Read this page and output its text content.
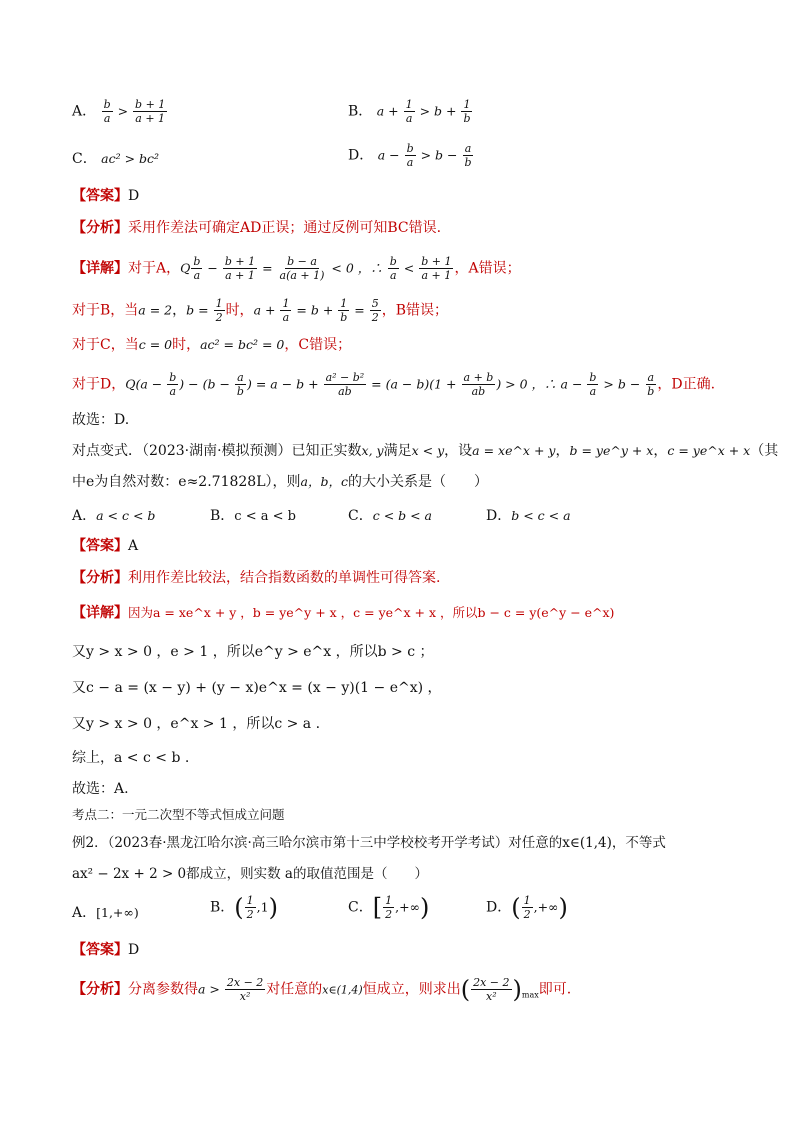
A． $\frac{b}{a} > \frac{b + 1}{a + 1}$	B． $a + \frac{1}{a} > b + \frac{1}{b}$
C． ac² > bc²	D． $a - \frac{b}{a} > b - \frac{a}{b}$
【答案】D
【分析】采用作差法可确定AD正误；通过反例可知BC错误.
【详解】对于A，Q $\frac{b}{a} - \frac{b + 1}{a + 1} = \frac{b - a}{a(a + 1)} < 0$ ，∴ $\frac{b}{a} < \frac{b + 1}{a + 1}$ ，A错误；
对于B，当a = 2，$b = \frac{1}{2}$ 时，$a + \frac{1}{a} = b + \frac{1}{b} = \frac{5}{2}$ ，B错误；
对于C，当c = 0时，ac² = bc² = 0，C错误；
对于D，$Q(a - \frac{b}{a}$ ) − ($b - \frac{a}{b}$ ) = $a - b + \frac{\text{a² − b²}}{ab} = (a - b)(1 + \frac{a + b}{ab}$ ) > 0 ，∴ $a - \frac{b}{a} > b - \frac{a}{b}$ ，D正确.
故选：D.
对点变式．（2023·湖南·模拟预测）已知正实数x, y满足x < y，设a = xe^x + y，b = ye^y + x，c = ye^x + x（其
中e为自然对数：e≈2.71828L），则a，b，c的大小关系是（　　）
A．a < c < b	B．c < a < b	C．c < b < a	D．b < c < a
【答案】A
【分析】利用作差比较法，结合指数函数的单调性可得答案.
【详解】因为a = xe^x + y ，b = ye^y + x ，c = ye^x + x ，所以b − c = y(e^y − e^x)
又y > x > 0 ，e > 1 ，所以e^y > e^x ，所以b > c ；
又c − a = (x − y) + (y − x)e^x = (x − y)(1 − e^x) ，
又y > x > 0 ，e^x > 1 ，所以c > a .
综上，a < c < b .
故选：A.
考点二：一元二次型不等式恒成立问题
例2．（2023春·黑龙江哈尔滨·高三哈尔滨市第十三中学校校考开学考试）对任意的x∈(1,4)，不等式
ax² − 2x + 2 > 0都成立，则实数 a的取值范围是（　　）
A．[1,+∞)	B．( $\frac{1}{2} ,1$)	C．[ $\frac{1}{2}$ ,+∞)	D．( $\frac{1}{2}$ ,+∞)
【答案】D
【分析】分离参数得$a > \frac{2x - 2}{\text{x²}}$ 对任意的x∈(1,4)恒成立，则求出( $\frac{2x - 2}{\text{x²}} )_{max}$即可.
